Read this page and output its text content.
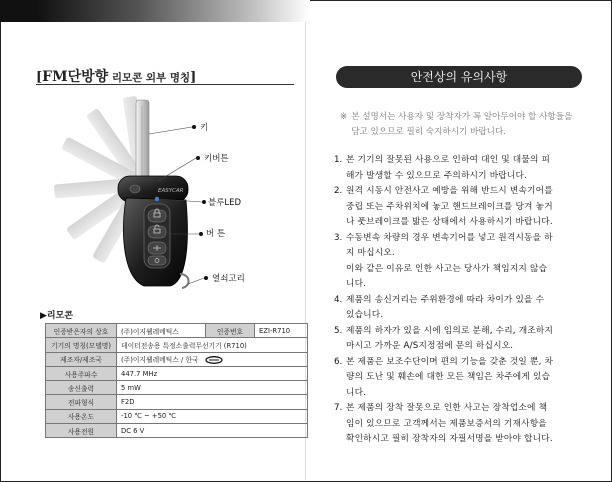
[FM단방향 리모콘 외부 명칭]
EASYCAR
키
키버튼
블루LED
버 튼
열쇠고리
▶리모콘
인증받은자의 상호	(주)이지웰레메틱스	인증번호	EZI-R710
기기의 명칭(모델명)	데이터전송용 특정소출력무선기기 (R710)		
제조자/제조국	(주)이지웰레메틱스 / 한국		
사용주파수	447.7 MHz		
송신출력	5 mW		
전파형식	F2D		
사용온도	-10 ℃ ~ +50 ℃		
사용전원	DC 6 V		
안전상의 유의사항
※ 본 설명서는 사용자 및 장착자가 꼭 알아두어야 할 사항들을 담고 있으므로 필히 숙지하시기 바랍니다.
1. 본 기기의 잘못된 사용으로 인하여 대인 및 대물의 피
해가 발생할 수 있으므로 주의하시기 바랍니다.
2. 원격 시동시 안전사고 예방을 위해 반드시 변속기어를
중립 또는 주차위치에 놓고 핸드브레이크를 당겨 놓거
나 풋브레이크를 밟은 상태에서 사용하시기 바랍니다.
3. 수동변속 차량의 경우 변속기어를 넣고 원격시동을 하
지 마십시오.
이와 같은 이유로 인한 사고는 당사가 책임지지 않습
니다.
4. 제품의 송신거리는 주위환경에 따라 차이가 있을 수
있습니다.
5. 제품의 하자가 있을 시에 임의로 분해, 수리, 개조하지
마시고 가까운 A/S지정점에 문의 하십시오.
6. 본 제품은 보조수단이며 편의 기능을 갖춘 것일 뿐, 차
량의 도난 및 훼손에 대한 모든 책임은 차주에게 있습
니다.
7. 본 제품의 장착 잘못으로 인한 사고는 장착업소에 책
임이 있으므로 고객께서는 제품보증서의 기재사항을
확인하시고 필히 장착자의 자필서명을 받아야 합니다.
